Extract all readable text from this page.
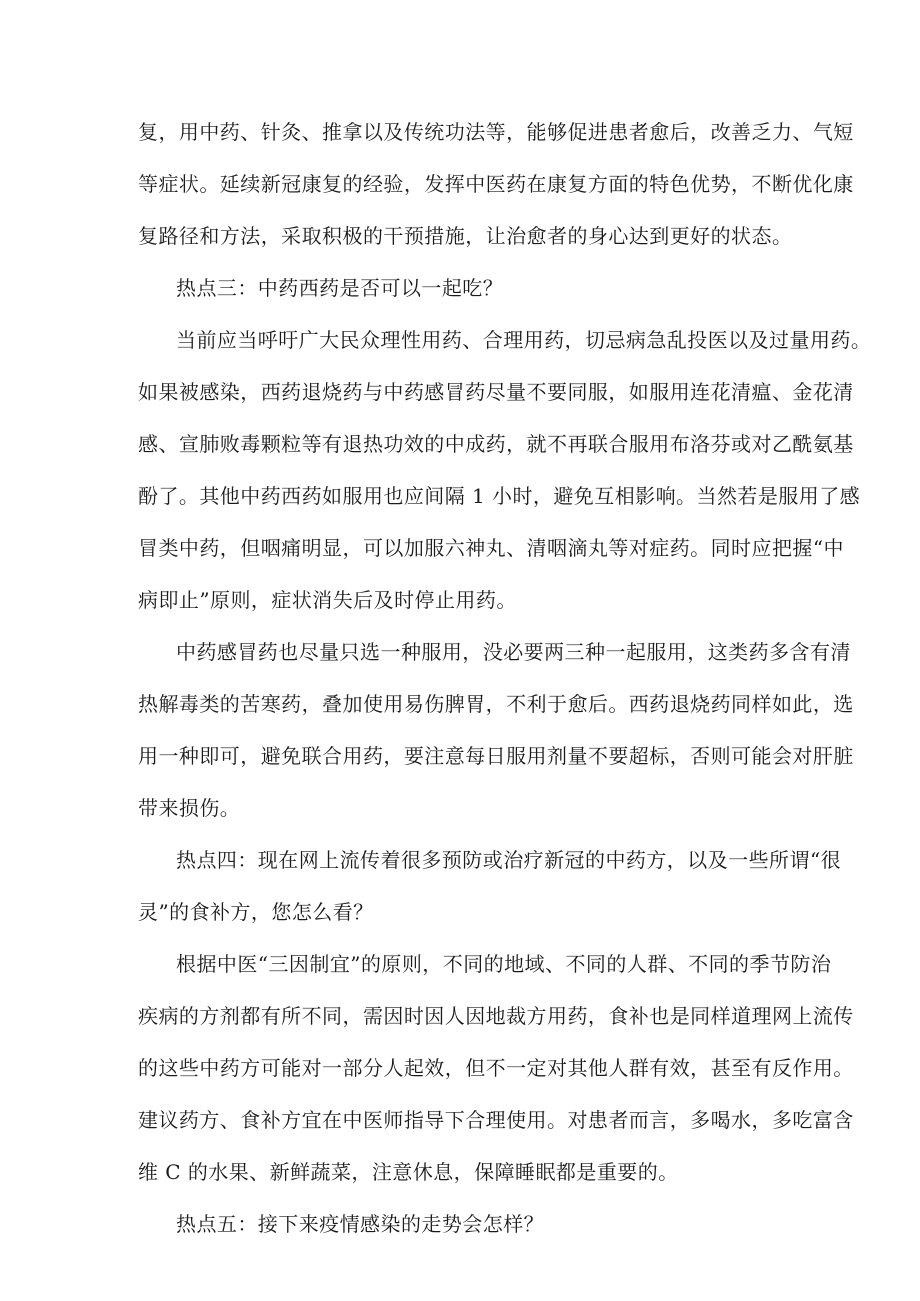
复，用中药、针灸、推拿以及传统功法等，能够促进患者愈后，改善乏力、气短
等症状。延续新冠康复的经验，发挥中医药在康复方面的特色优势，不断优化康
复路径和方法，采取积极的干预措施，让治愈者的身心达到更好的状态。
热点三：中药西药是否可以一起吃？
当前应当呼吁广大民众理性用药、合理用药，切忌病急乱投医以及过量用药。
如果被感染，西药退烧药与中药感冒药尽量不要同服，如服用连花清瘟、金花清
感、宣肺败毒颗粒等有退热功效的中成药，就不再联合服用布洛芬或对乙酰氨基
酚了。其他中药西药如服用也应间隔 1 小时，避免互相影响。当然若是服用了感
冒类中药，但咽痛明显，可以加服六神丸、清咽滴丸等对症药。同时应把握“中
病即止”原则，症状消失后及时停止用药。
中药感冒药也尽量只选一种服用，没必要两三种一起服用，这类药多含有清
热解毒类的苦寒药，叠加使用易伤脾胃，不利于愈后。西药退烧药同样如此，选
用一种即可，避免联合用药，要注意每日服用剂量不要超标，否则可能会对肝脏
带来损伤。
热点四：现在网上流传着很多预防或治疗新冠的中药方，以及一些所谓“很
灵”的食补方，您怎么看？
根据中医“三因制宜”的原则，不同的地域、不同的人群、不同的季节防治
疾病的方剂都有所不同，需因时因人因地裁方用药，食补也是同样道理网上流传
的这些中药方可能对一部分人起效，但不一定对其他人群有效，甚至有反作用。
建议药方、食补方宜在中医师指导下合理使用。对患者而言，多喝水，多吃富含
维 C 的水果、新鲜蔬菜，注意休息，保障睡眠都是重要的。
热点五：接下来疫情感染的走势会怎样？
